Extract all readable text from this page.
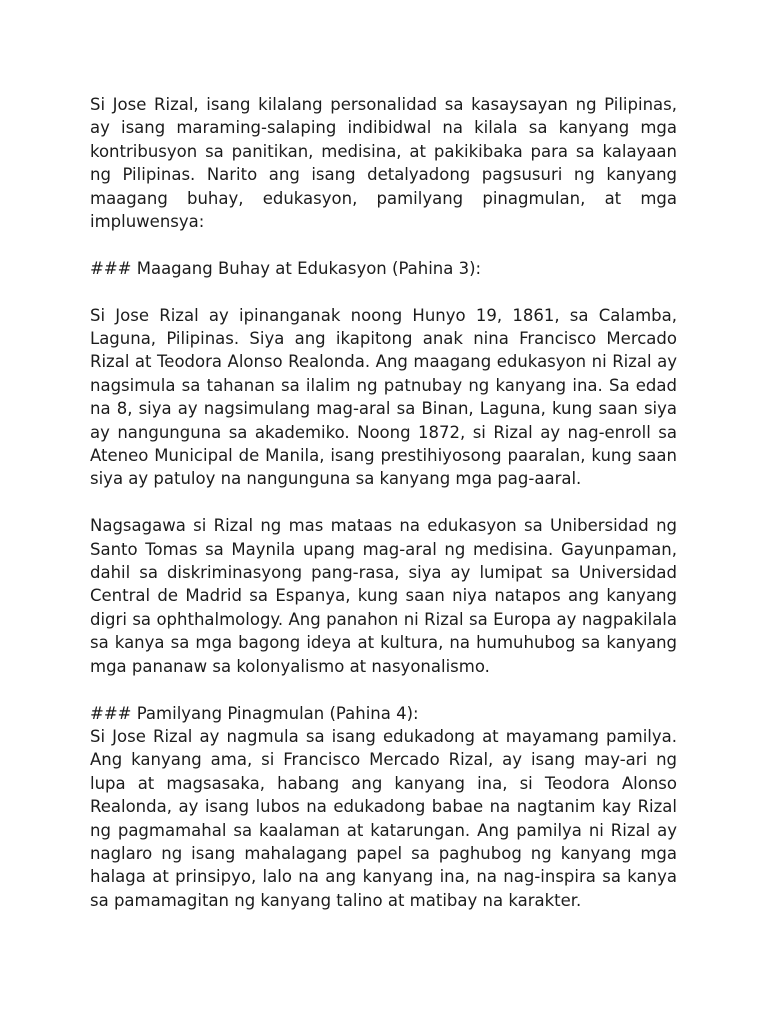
Si Jose Rizal, isang kilalang personalidad sa kasaysayan ng Pilipinas, ay isang maraming-salaping indibidwal na kilala sa kanyang mga kontribusyon sa panitikan, medisina, at pakikibaka para sa kalayaan ng Pilipinas. Narito ang isang detalyadong pagsusuri ng kanyang maagang buhay, edukasyon, pamilyang pinagmulan, at mga impluwensya:

### Maagang Buhay at Edukasyon (Pahina 3):

Si Jose Rizal ay ipinanganak noong Hunyo 19, 1861, sa Calamba, Laguna, Pilipinas. Siya ang ikapitong anak nina Francisco Mercado Rizal at Teodora Alonso Realonda. Ang maagang edukasyon ni Rizal ay nagsimula sa tahanan sa ilalim ng patnubay ng kanyang ina. Sa edad na 8, siya ay nagsimulang mag-aral sa Binan, Laguna, kung saan siya ay nangunguna sa akademiko. Noong 1872, si Rizal ay nag-enroll sa Ateneo Municipal de Manila, isang prestihiyosong paaralan, kung saan siya ay patuloy na nangunguna sa kanyang mga pag-aaral.

Nagsagawa si Rizal ng mas mataas na edukasyon sa Unibersidad ng Santo Tomas sa Maynila upang mag-aral ng medisina. Gayunpaman, dahil sa diskriminasyong pang-rasa, siya ay lumipat sa Universidad Central de Madrid sa Espanya, kung saan niya natapos ang kanyang digri sa ophthalmology. Ang panahon ni Rizal sa Europa ay nagpakilala sa kanya sa mga bagong ideya at kultura, na humuhubog sa kanyang mga pananaw sa kolonyalismo at nasyonalismo.

### Pamilyang Pinagmulan (Pahina 4):

Si Jose Rizal ay nagmula sa isang edukadong at mayamang pamilya. Ang kanyang ama, si Francisco Mercado Rizal, ay isang may-ari ng lupa at magsasaka, habang ang kanyang ina, si Teodora Alonso Realonda, ay isang lubos na edukadong babae na nagtanim kay Rizal ng pagmamahal sa kaalaman at katarungan. Ang pamilya ni Rizal ay naglaro ng isang mahalagang papel sa paghubog ng kanyang mga halaga at prinsipyo, lalo na ang kanyang ina, na nag-inspira sa kanya sa pamamagitan ng kanyang talino at matibay na karakter.
